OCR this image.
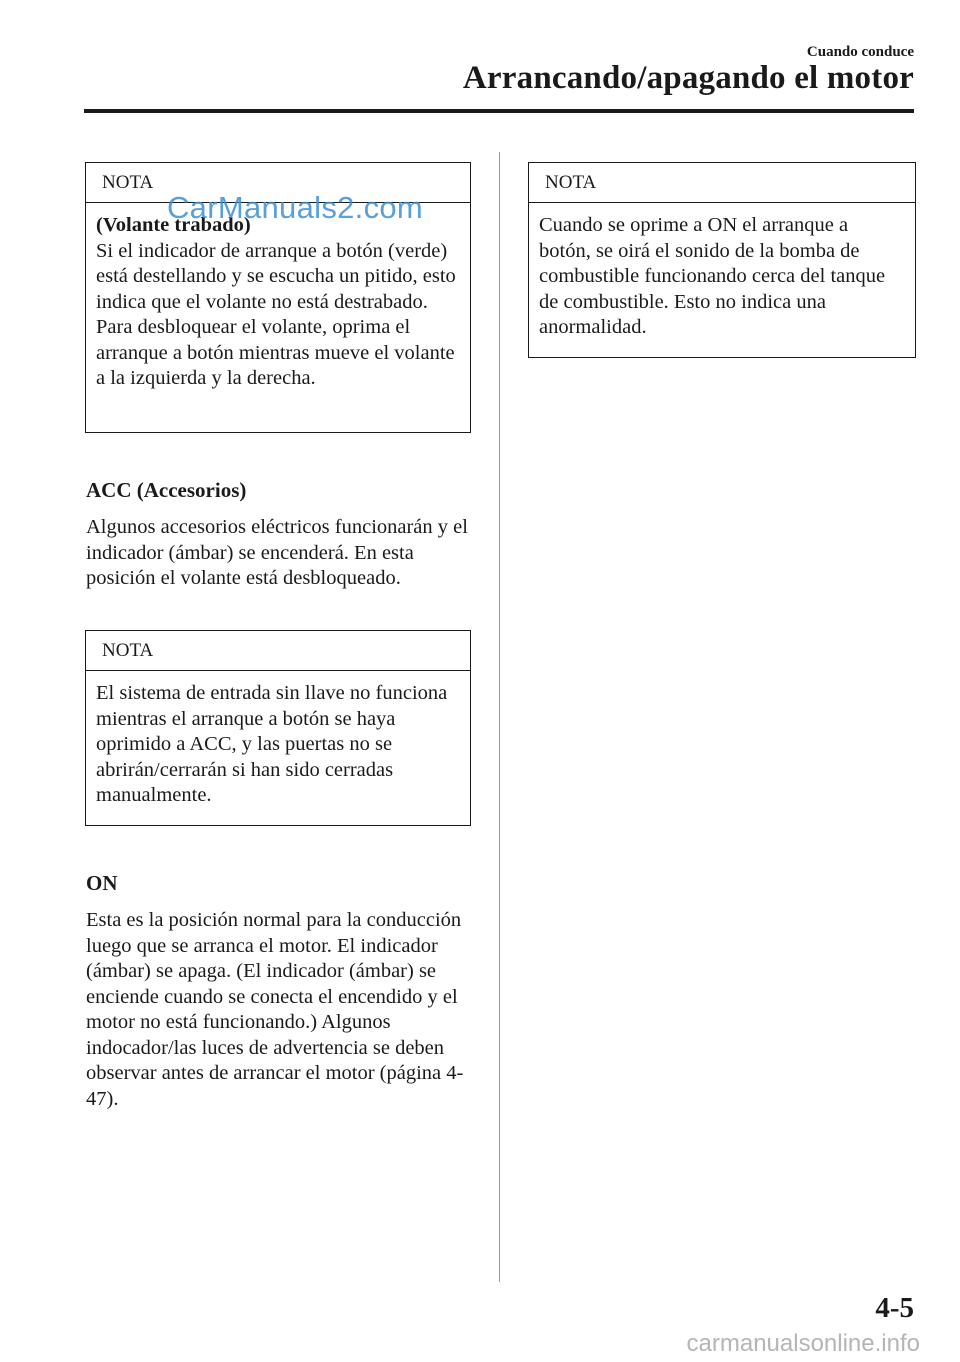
Cuando conduce
Arrancando/apagando el motor
NOTA
(Volante trabado)
Si el indicador de arranque a botón (verde) está destellando y se escucha un pitido, esto indica que el volante no está destrabado. Para desbloquear el volante, oprima el arranque a botón mientras mueve el volante a la izquierda y la derecha.
CarManuals2.com
ACC (Accesorios)
Algunos accesorios eléctricos funcionarán y el indicador (ámbar) se encenderá. En esta posición el volante está desbloqueado.
NOTA
El sistema de entrada sin llave no funciona mientras el arranque a botón se haya oprimido a ACC, y las puertas no se abrirán/cerrarán si han sido cerradas manualmente.
ON
Esta es la posición normal para la conducción luego que se arranca el motor. El indicador (ámbar) se apaga. (El indicador (ámbar) se enciende cuando se conecta el encendido y el motor no está funcionando.) Algunos indocador/las luces de advertencia se deben observar antes de arrancar el motor (página 4-47).
NOTA
Cuando se oprime a ON el arranque a botón, se oirá el sonido de la bomba de combustible funcionando cerca del tanque de combustible. Esto no indica una anormalidad.
4-5
carmanualsonline.info
